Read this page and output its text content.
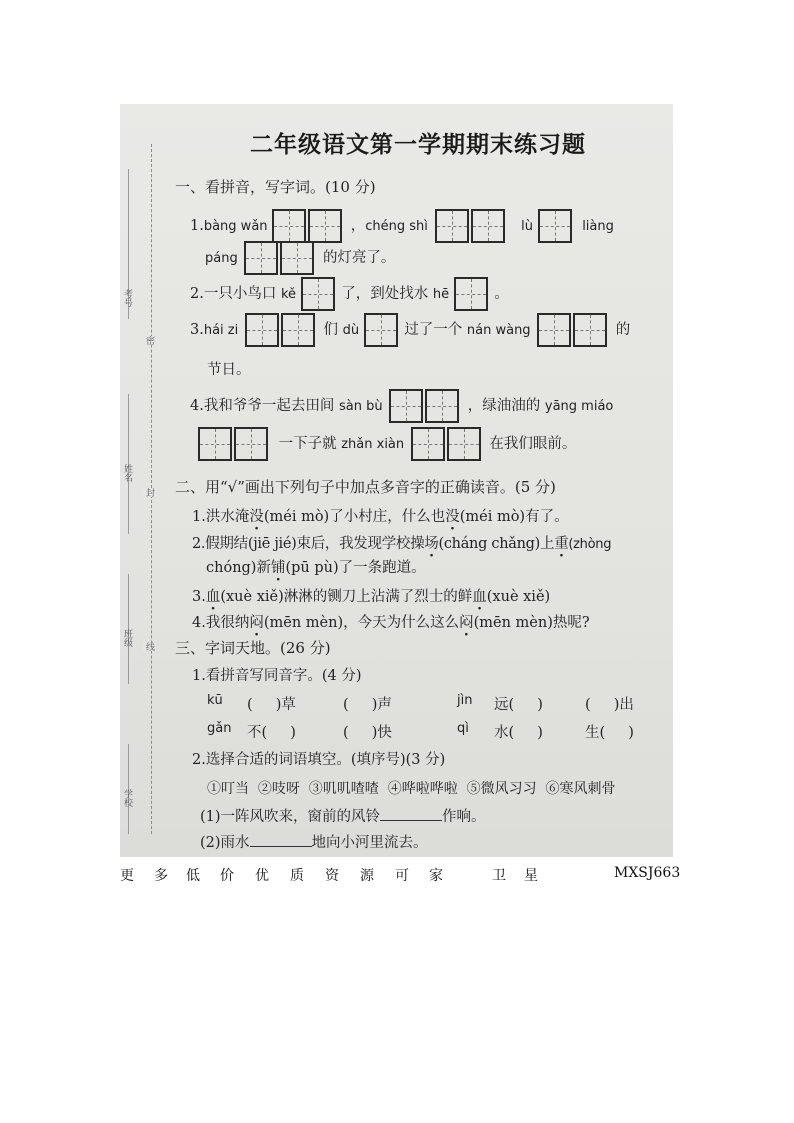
考号
姓名
班级
学校
密
封
线
二年级语文第一学期期末练习题
一、看拼音，写字词。(10 分)
1.bàng wǎn	，chéng shì	lù	liàng
páng	的灯亮了。
2.一只小鸟口 kě	了，到处找水 hē	。
3.hái zi	们 dù	过了一个 nán wàng	的
节日。
4.我和爷爷一起去田间 sàn bù	，绿油油的 yāng miáo
一下子就 zhǎn xiàn	在我们眼前。
二、用“√”画出下列句子中加点多音字的正确读音。(5 分)
1.洪水淹没(méi mò)了小村庄，什么也没(méi mò)有了。
2.假期结(jiē jié)束后，我发现学校操场(cháng chǎng)上重(zhòng
chóng)新铺(pū pù)了一条跑道。
3.血(xuè xiě)淋淋的铡刀上沾满了烈士的鲜血(xuè xiě)
4.我很纳闷(mēn mèn)，今天为什么这么闷(mēn mèn)热呢?
三、字词天地。(26 分)
1.看拼音写同音字。(4 分)
kū (     )草	(     )声	jìn 远(     )	(     )出
gǎn 不(     )	(     )快	qì 水(     )	生(     )
2.选择合适的词语填空。(填序号)(3 分)
①叮当  ②吱呀  ③叽叽喳喳  ④哗啦哗啦  ⑤微风习习  ⑥寒风刺骨
(1)一阵风吹来，窗前的风铃	作响。
(2)雨水	地向小河里流去。
更 多 低 价 优 质 资 源 可 家	卫 星	MXSJ663
